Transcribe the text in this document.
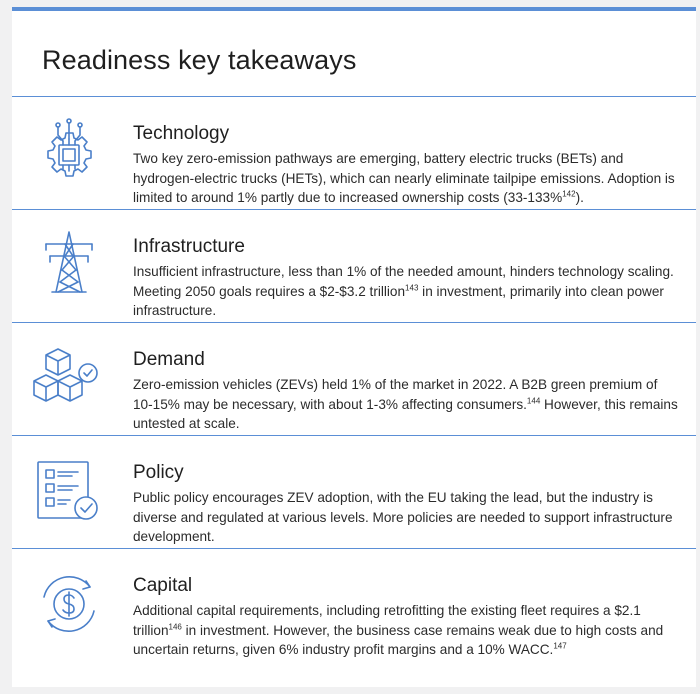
Readiness key takeaways
Technology
Two key zero-emission pathways are emerging, battery electric trucks (BETs) and hydrogen-electric trucks (HETs), which can nearly eliminate tailpipe emissions. Adoption is limited to around 1% partly due to increased ownership costs (33-133%$^{142}$).
Infrastructure
Insufficient infrastructure, less than 1% of the needed amount, hinders technology scaling. Meeting 2050 goals requires a $2-$3.2 trillion$^{143}$ in investment, primarily into clean power infrastructure.
Demand
Zero-emission vehicles (ZEVs) held 1% of the market in 2022. A B2B green premium of 10-15% may be necessary, with about 1-3% affecting consumers.$^{144}$ However, this remains untested at scale.
Policy
Public policy encourages ZEV adoption, with the EU taking the lead, but the industry is diverse and regulated at various levels. More policies are needed to support infrastructure development.
Capital
Additional capital requirements, including retrofitting the existing fleet requires a $2.1 trillion$^{146}$ in investment. However, the business case remains weak due to high costs and uncertain returns, given 6% industry profit margins and a 10% WACC.$^{147}$
